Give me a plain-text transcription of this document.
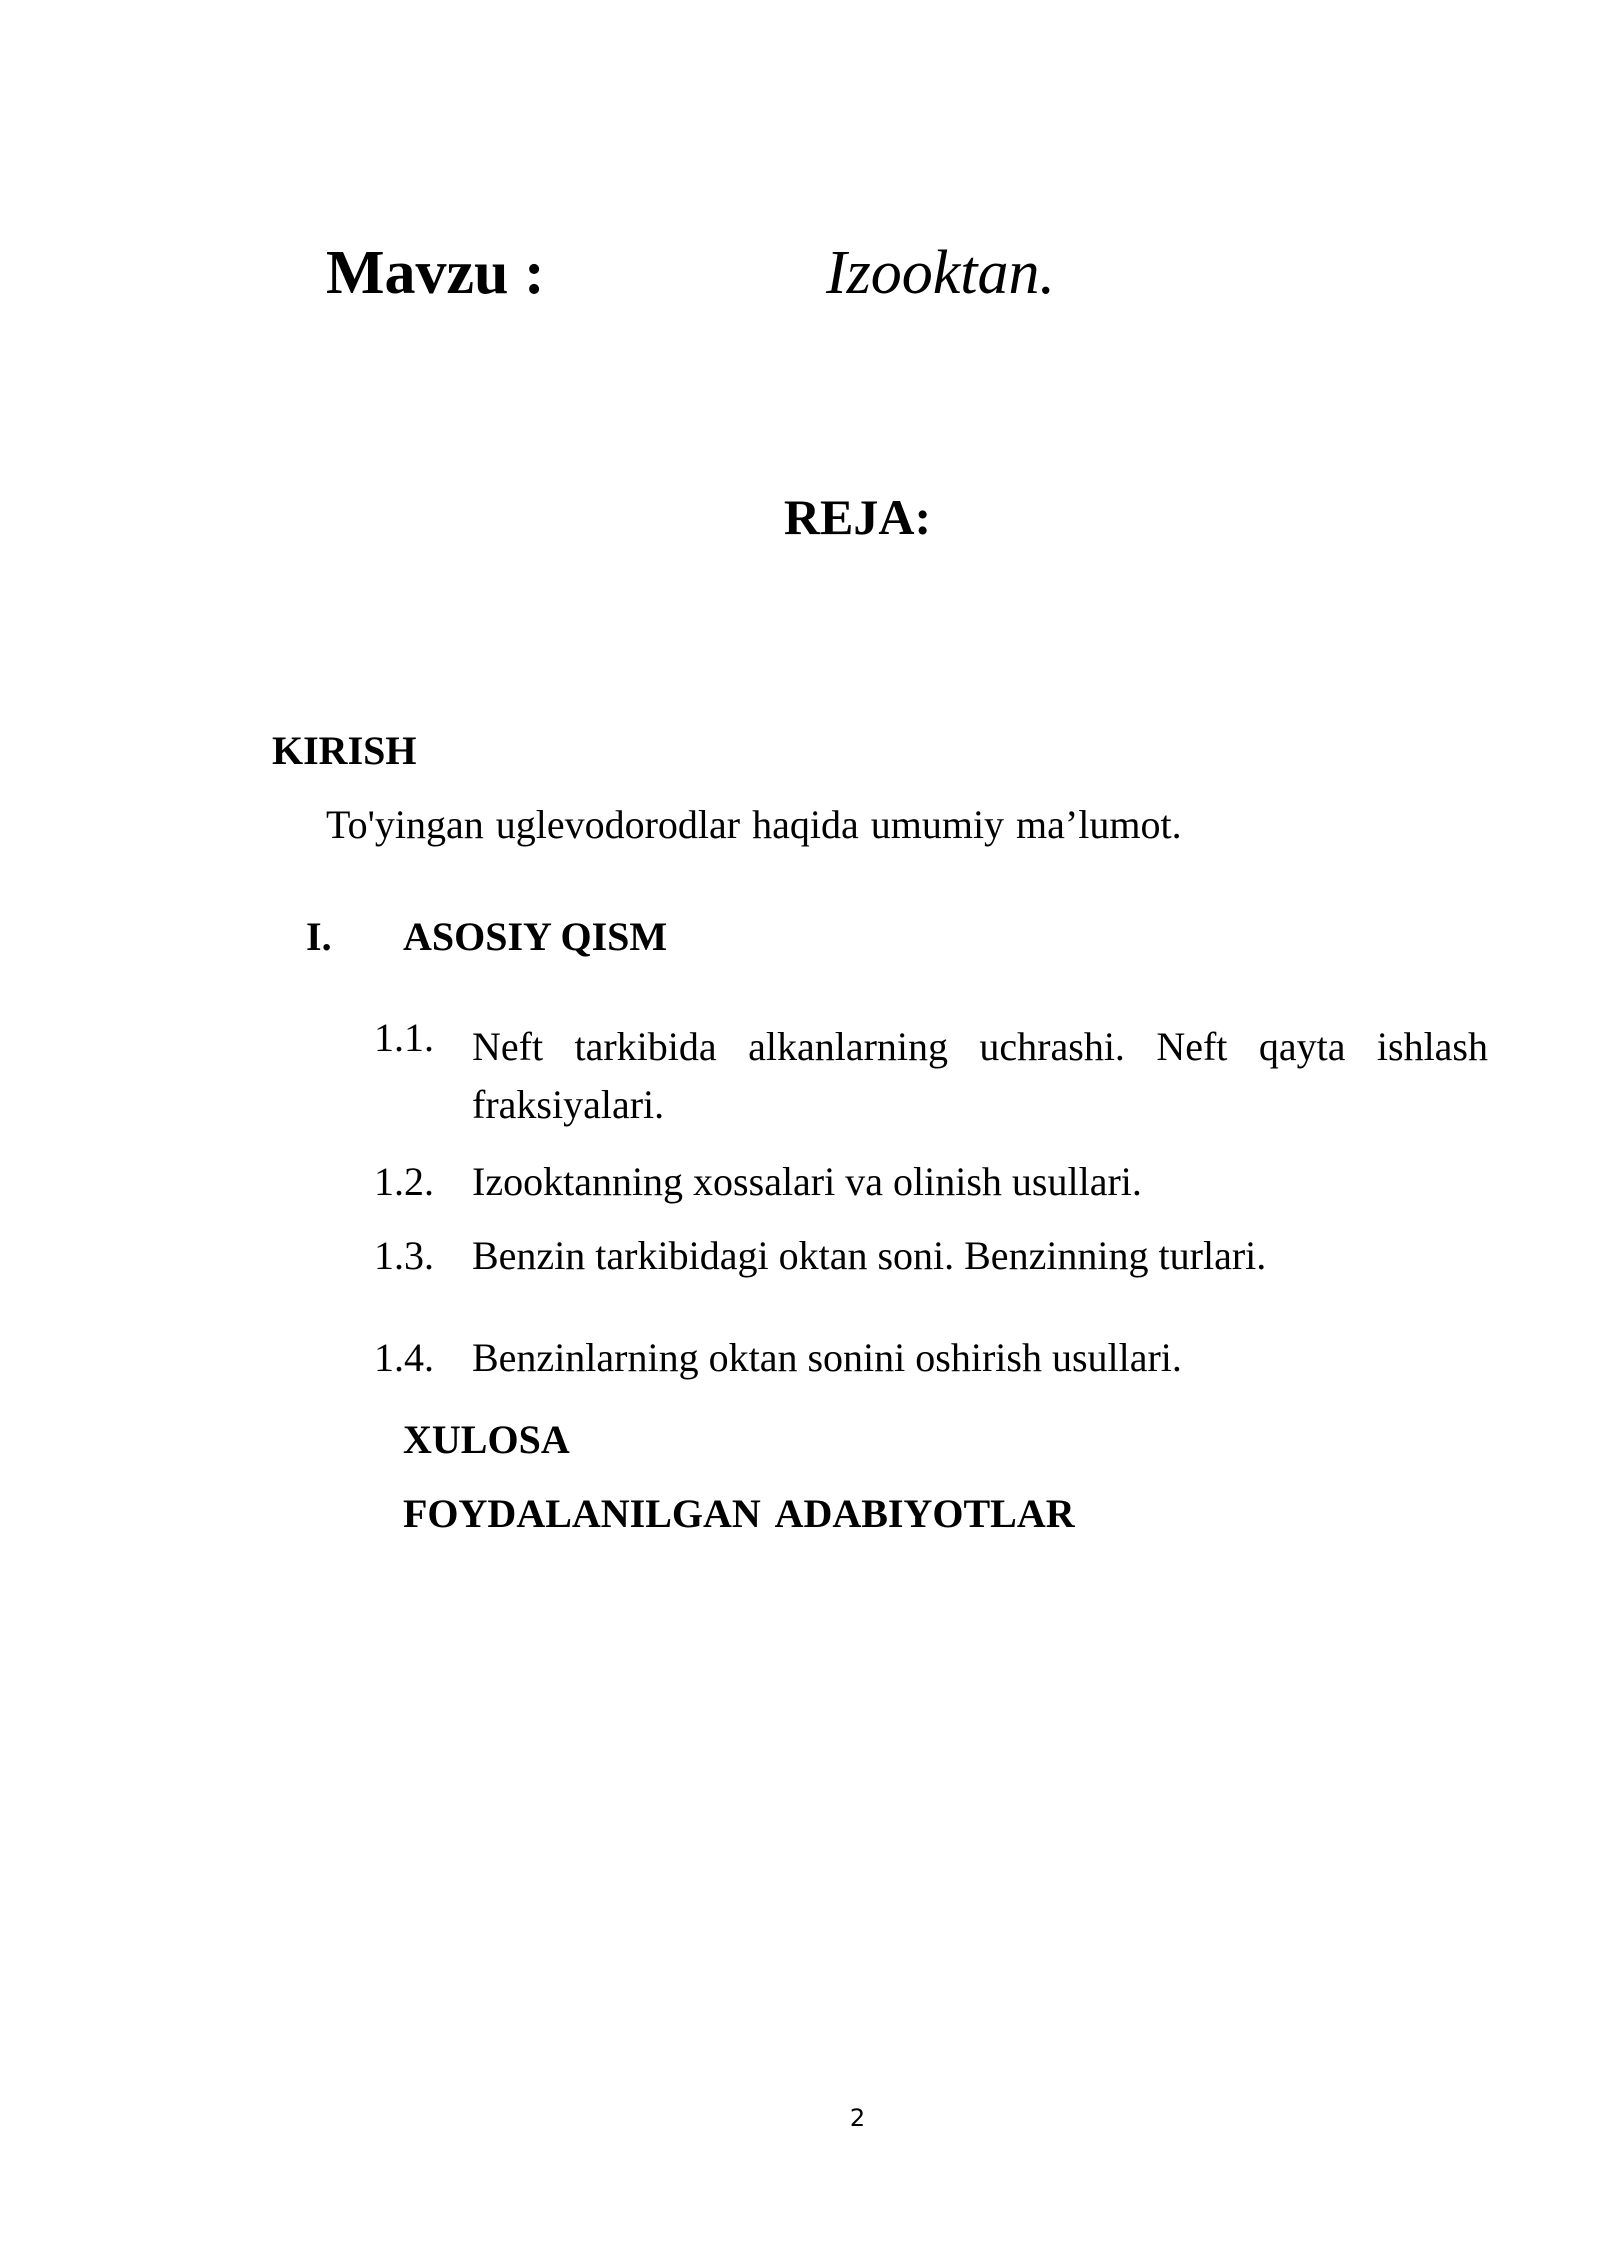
Mavzu :	Izooktan.
REJA:
KIRISH
To'yingan uglevodorodlar haqida umumiy ma’lumot.
I. ASOSIY QISM
1.1. Neft tarkibida alkanlarning uchrashi. Neft qayta ishlash fraksiyalari.
1.2. Izooktanning xossalari va olinish usullari.
1.3. Benzin tarkibidagi oktan soni. Benzinning turlari.
1.4. Benzinlarning oktan sonini oshirish usullari.
XULOSA
FOYDALANILGAN ADABIYOTLAR
2
